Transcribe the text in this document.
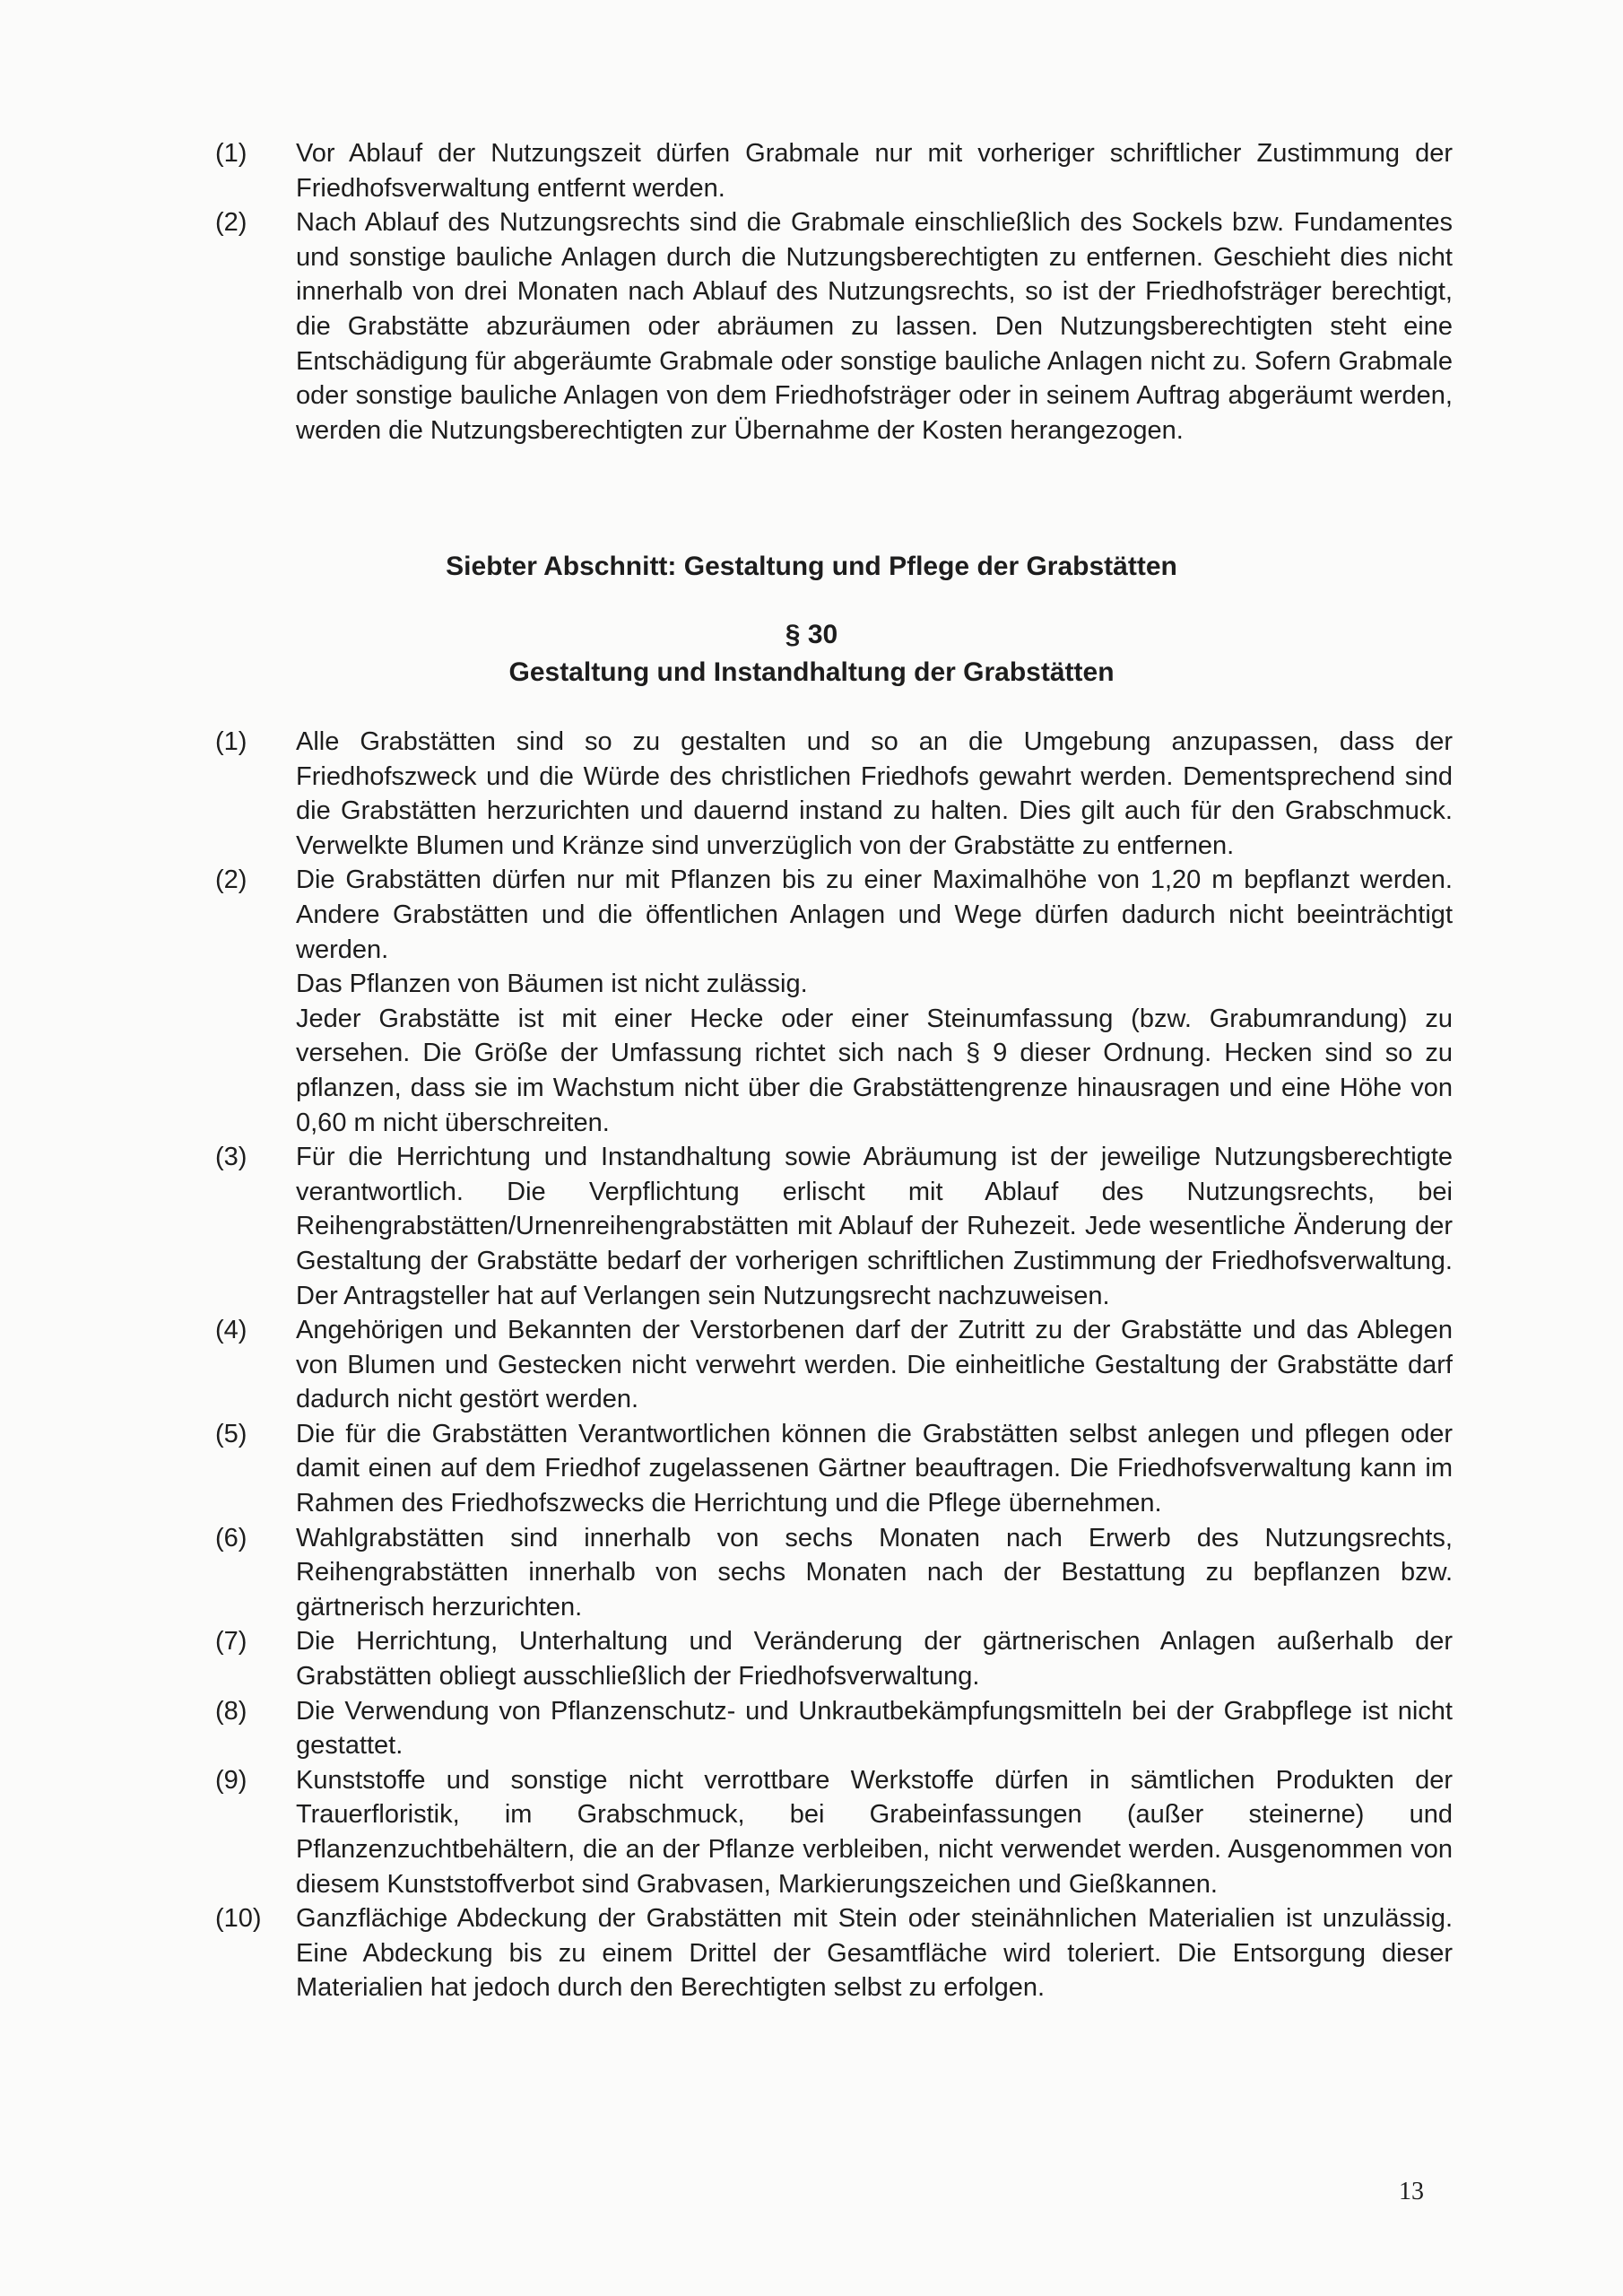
(1)	Vor Ablauf der Nutzungszeit dürfen Grabmale nur mit vorheriger schriftlicher Zustimmung der Friedhofsverwaltung entfernt werden.
(2)	Nach Ablauf des Nutzungsrechts sind die Grabmale einschließlich des Sockels bzw. Fundamentes und sonstige bauliche Anlagen durch die Nutzungsberechtigten zu entfernen. Geschieht dies nicht innerhalb von drei Monaten nach Ablauf des Nutzungsrechts, so ist der Friedhofsträger berechtigt, die Grabstätte abzuräumen oder abräumen zu lassen. Den Nutzungsberechtigten steht eine Entschädigung für abgeräumte Grabmale oder sonstige bauliche Anlagen nicht zu. Sofern Grabmale oder sonstige bauliche Anlagen von dem Friedhofsträger oder in seinem Auftrag abgeräumt werden, werden die Nutzungsberechtigten zur Übernahme der Kosten herangezogen.
Siebter Abschnitt: Gestaltung und Pflege der Grabstätten
§ 30
Gestaltung und Instandhaltung der Grabstätten
(1)	Alle Grabstätten sind so zu gestalten und so an die Umgebung anzupassen, dass der Friedhofszweck und die Würde des christlichen Friedhofs gewahrt werden. Dementsprechend sind die Grabstätten herzurichten und dauernd instand zu halten. Dies gilt auch für den Grabschmuck. Verwelkte Blumen und Kränze sind unverzüglich von der Grabstätte zu entfernen.

(2)	Die Grabstätten dürfen nur mit Pflanzen bis zu einer Maximalhöhe von 1,20 m bepflanzt werden. Andere Grabstätten und die öffentlichen Anlagen und Wege dürfen dadurch nicht beeinträchtigt werden.

Das Pflanzen von Bäumen ist nicht zulässig.

Jeder Grabstätte ist mit einer Hecke oder einer Steinumfassung (bzw. Grabumrandung) zu versehen. Die Größe der Umfassung richtet sich nach § 9 dieser Ordnung. Hecken sind so zu pflanzen, dass sie im Wachstum nicht über die Grabstättengrenze hinausragen und eine Höhe von 0,60 m nicht überschreiten.

(3)	Für die Herrichtung und Instandhaltung sowie Abräumung ist der jeweilige Nutzungsberechtigte verantwortlich. Die Verpflichtung erlischt mit Ablauf des Nutzungsrechts, bei Reihengrabstätten/Urnenreihengrabstätten mit Ablauf der Ruhezeit. Jede wesentliche Änderung der Gestaltung der Grabstätte bedarf der vorherigen schriftlichen Zustimmung der Friedhofsverwaltung. Der Antragsteller hat auf Verlangen sein Nutzungsrecht nachzuweisen.

(4)	Angehörigen und Bekannten der Verstorbenen darf der Zutritt zu der Grabstätte und das Ablegen von Blumen und Gestecken nicht verwehrt werden. Die einheitliche Gestaltung der Grabstätte darf dadurch nicht gestört werden.

(5)	Die für die Grabstätten Verantwortlichen können die Grabstätten selbst anlegen und pflegen oder damit einen auf dem Friedhof zugelassenen Gärtner beauftragen. Die Friedhofsverwaltung kann im Rahmen des Friedhofszwecks die Herrichtung und die Pflege übernehmen.

(6)	Wahlgrabstätten sind innerhalb von sechs Monaten nach Erwerb des Nutzungsrechts, Reihengrabstätten innerhalb von sechs Monaten nach der Bestattung zu bepflanzen bzw. gärtnerisch herzurichten.

(7)	Die Herrichtung, Unterhaltung und Veränderung der gärtnerischen Anlagen außerhalb der Grabstätten obliegt ausschließlich der Friedhofsverwaltung.

(8)	Die Verwendung von Pflanzenschutz- und Unkrautbekämpfungsmitteln bei der Grabpflege ist nicht gestattet.

(9)	Kunststoffe und sonstige nicht verrottbare Werkstoffe dürfen in sämtlichen Produkten der Trauerfloristik, im Grabschmuck, bei Grabeinfassungen (außer steinerne) und Pflanzenzuchtbehältern, die an der Pflanze verbleiben, nicht verwendet werden. Ausgenommen von diesem Kunststoffverbot sind Grabvasen, Markierungszeichen und Gießkannen.

(10)	Ganzflächige Abdeckung der Grabstätten mit Stein oder steinähnlichen Materialien ist unzulässig. Eine Abdeckung bis zu einem Drittel der Gesamtfläche wird toleriert. Die Entsorgung dieser Materialien hat jedoch durch den Berechtigten selbst zu erfolgen.

13
